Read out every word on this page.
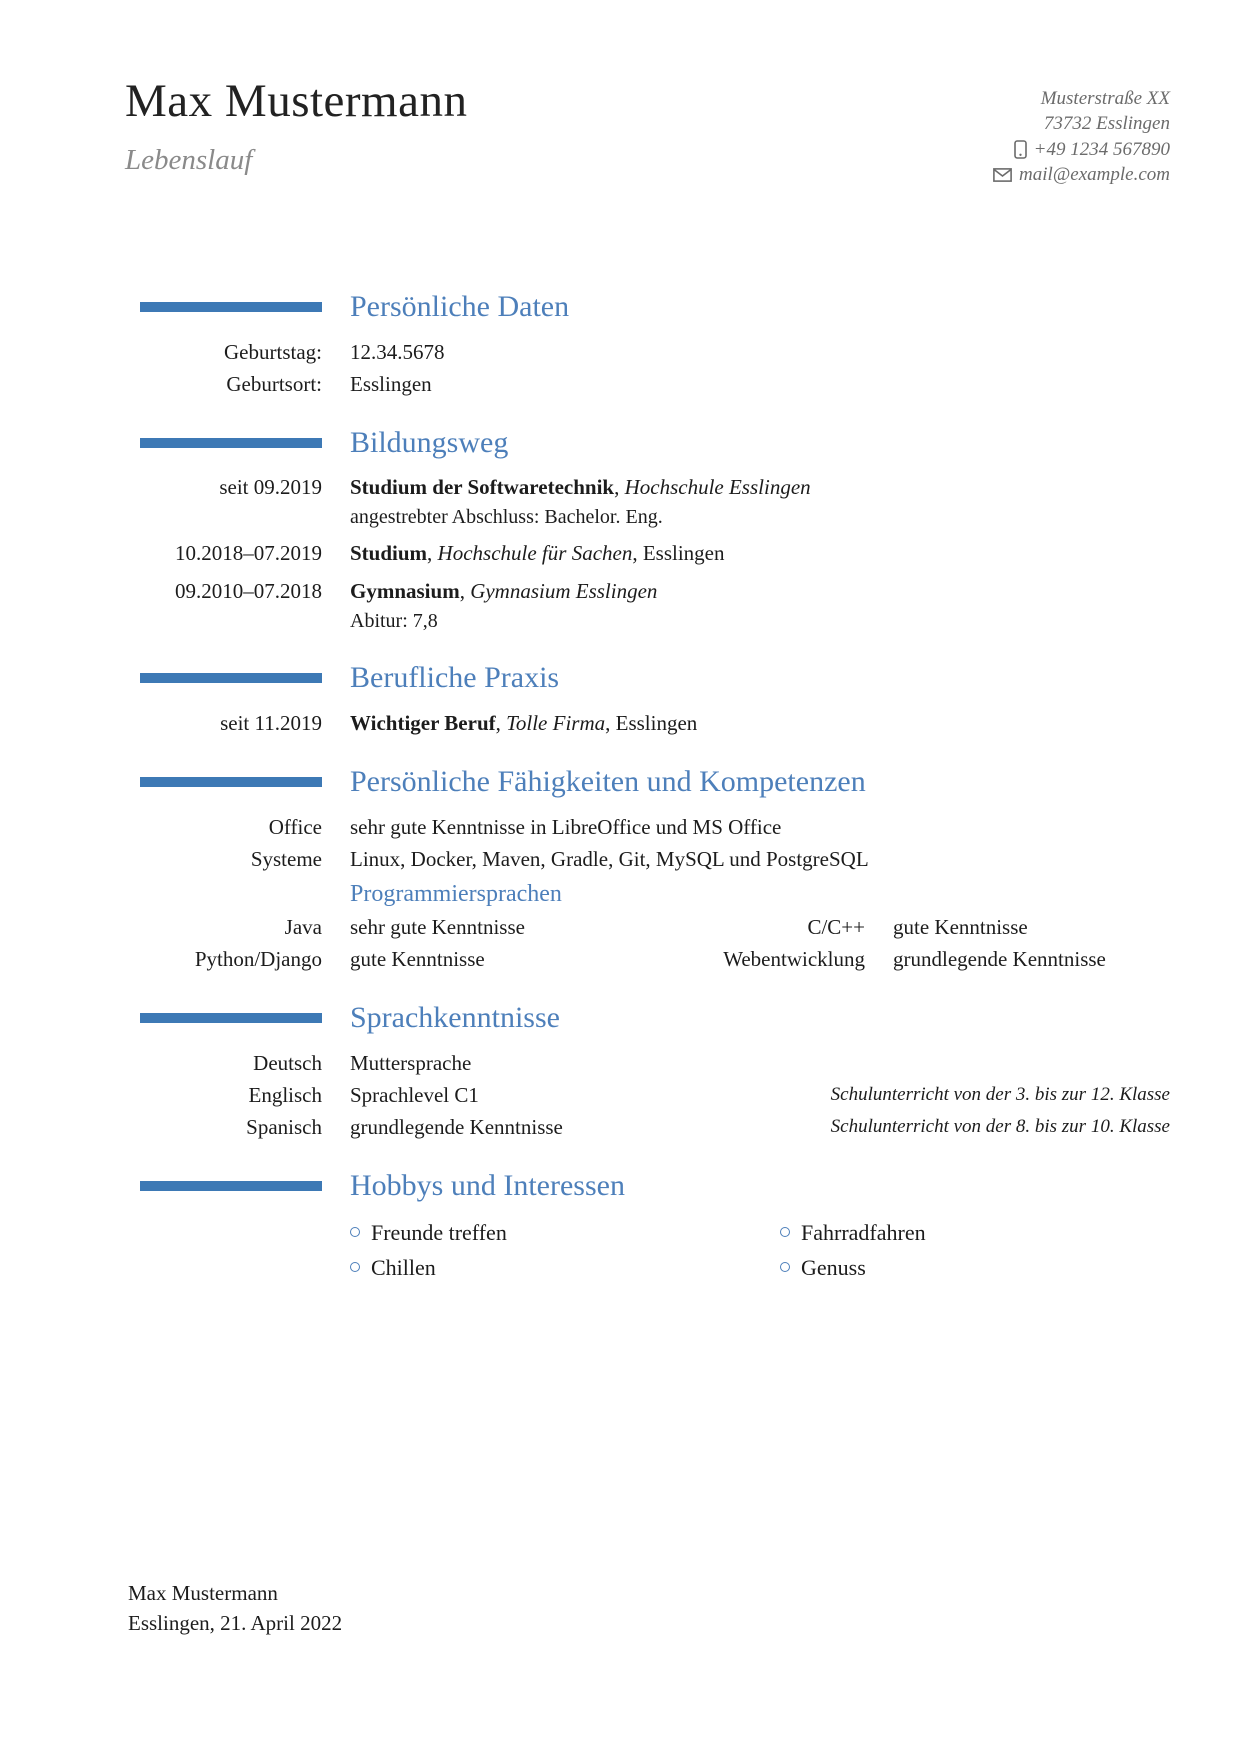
Max Mustermann
Lebenslauf
Musterstraße XX
73732 Esslingen
+49 1234 567890
mail@example.com
Persönliche Daten
Geburtstag: 12.34.5678
Geburtsort: Esslingen
Bildungsweg
seit 09.2019 Studium der Softwaretechnik, Hochschule Esslingen
angestrebter Abschluss: Bachelor. Eng.
10.2018–07.2019 Studium, Hochschule für Sachen, Esslingen
09.2010–07.2018 Gymnasium, Gymnasium Esslingen
Abitur: 7,8
Berufliche Praxis
seit 11.2019 Wichtiger Beruf, Tolle Firma, Esslingen
Persönliche Fähigkeiten und Kompetenzen
Office sehr gute Kenntnisse in LibreOffice und MS Office
Systeme Linux, Docker, Maven, Gradle, Git, MySQL und PostgreSQL
Programmiersprachen
Java sehr gute Kenntnisse	C/C++ gute Kenntnisse
Python/Django gute Kenntnisse	Webentwicklung grundlegende Kenntnisse
Sprachkenntnisse
Deutsch Muttersprache
Englisch Sprachlevel C1	Schulunterricht von der 3. bis zur 12. Klasse
Spanisch grundlegende Kenntnisse	Schulunterricht von der 8. bis zur 10. Klasse
Hobbys und Interessen
Freunde treffen	Fahrradfahren
Chillen	Genuss
Max Mustermann
Esslingen, 21. April 2022
